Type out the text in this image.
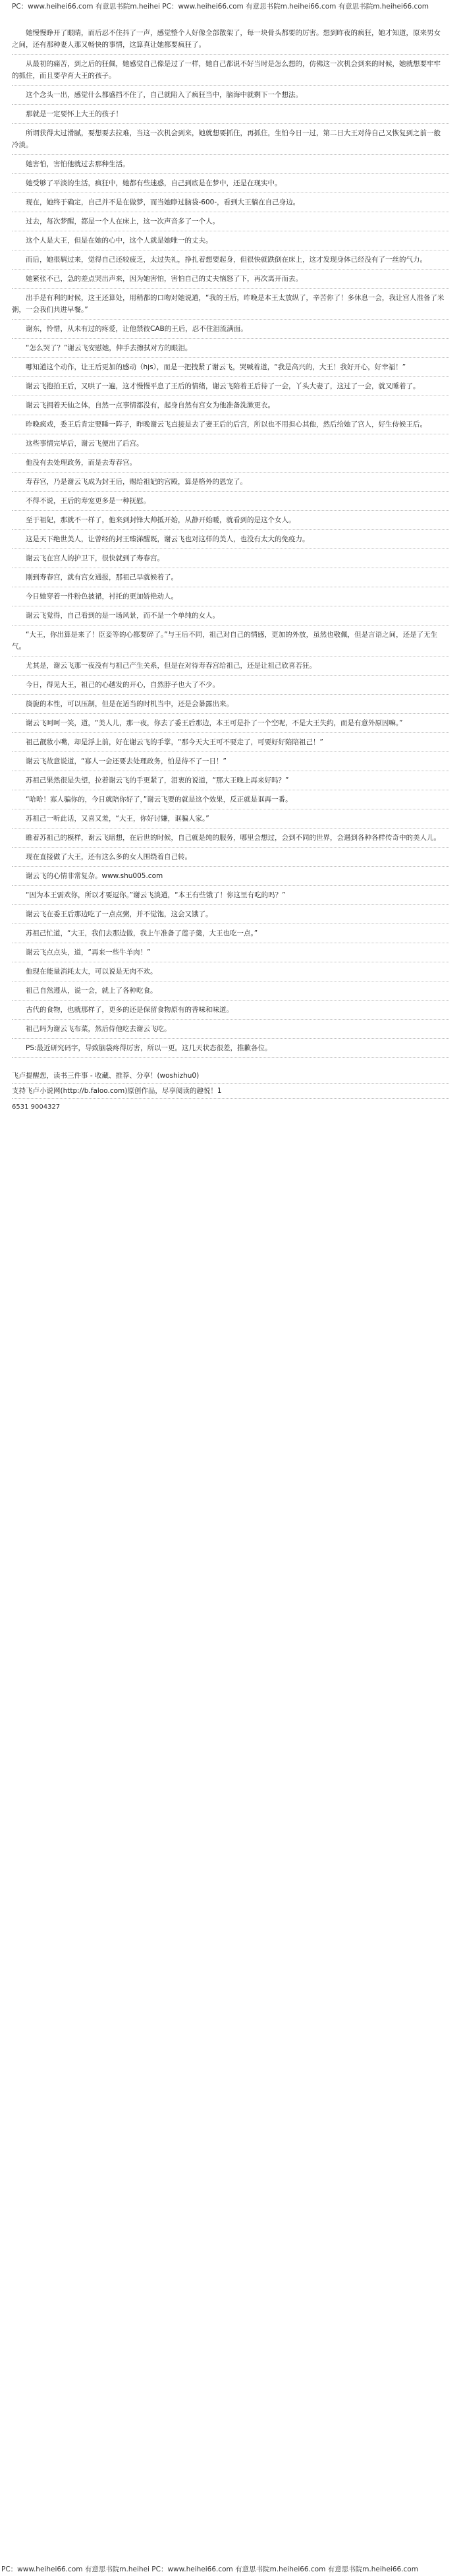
PC：www.heihei66.com 有意思书院m.heihei PC：www.heihei66.com 有意思书院m.heihei66.com 有意思书院m.heihei66.com
她慢慢睁开了眼睛，而后忍不住抖了一声，感觉整个人好像全部散架了，每一块骨头都要的厉害。想到昨夜的疯狂，她才知道，原来男女之间，还有那种妻人那又畅快的事情，这算真让她都要疯狂了。
从最初的痛苦，到之后的狂佩，她感觉自己像是过了一样，她自己都说不好当时是怎么想的，仿佛这一次机会到来的时候，她就想要牢牢的抓住，而且要孕育大王的孩子。
这个念头一出，感觉什么都盛挡不住了，自己就陷入了疯狂当中，脑海中就剩下一个想法。
那就是一定要怀上大王的孩子！
所谓获得太过滑腻，要想要去拉难，当这一次机会到来，她就想要抓住，再抓住，生怕今日一过，第二日大王对待自己又恢复到之前一般冷淡。
她害怕，害怕他就过去那种生活。
她受够了平淡的生活，疯狂中，她都有些迷惑，自己到底是在梦中，还是在现实中。
现在，她终于确定，自己并不是在做梦，而当她睁过脑袋-600-，看到大王躺在自己身边。
过去，每次梦醒，都是一个人在床上，这一次声音多了一个人。
这个人是大王，但是在她的心中，这个人就是她唯一的丈夫。
而后，她很羁过来，觉得自己还较疲乏，太过失礼，挣扎着想要起身，但很快就跌倒在床上，这才发现身体已经没有了一丝的气力。
她紧张不已，急的差点哭出声来，因为她害怕，害怕自己的丈夫恼怒了下，再次离开而去。
出手是有利的时候，这王还算处，用稍都的口吻对她说道，“我的王后，昨晚是本王太放纵了，辛苦你了！多休息一会，我让宫人准备了米粥，一会我们共进早餐。”
谢东，怜惜，从未有过的疼爱，让他禁彼CAB的王后，忍不住泪流满面。
“怎么哭了？”谢云飞安慰她，伸手去擦拭对方的眼泪。
哪知道这个动作，让王后更加的感动（hjs），而是一把拽紧了谢云飞，哭喊着道，“我是高兴的，大王！我好开心，好幸福！”
谢云飞抱拍王后，又哄了一遍，这才慢慢平息了王后的情绪，谢云飞陪着王后待了一会，丫头大妻了，这过了一会，就又睡着了。
谢云飞拥着天仙之体，自然一点事情都没有，起身自然有宫女为他准备洗漱更衣。
昨晚疯戏，委王后肯定要睡一阵子，昨晚谢云飞直接是去了妻王后的后宫，所以也不用担心其他，然后给她了宫人，好生侍候王后。
这些事情完毕后，谢云飞便出了后宫。
他没有去处理政务，而是去寿春宫。
寿春宫，乃是谢云飞成为封王后，赐给祖妃的宫殿，算是格外的恩宠了。
不得不说，王后的寿宠更多是一种抚慰。
至于祖妃，那就不一样了，他来到封锋大帅抵开始，从静开始暖，就看到的是这个女人。
这是天下绝世美人，让曾经的封王臻涕醒既，谢云飞也对这样的美人，也没有太大的免疫力。
谢云飞在宫人的护卫下，很快就到了寿春宫。
刚到寿春宫，就有宫女通报，那祖己早就候着了。
今日她穿着一件粉色披裙，衬托的更加娇艳动人。
谢云飞觉得，自己看到的是一场风景，而不是一个单纯的女人。
“大王，你出算是来了！臣妾等的心都要碎了。”与王后不同，祖己对自己的情感，更加的外放，虽然也敬佩，但是言语之间，还是了无生气。
尤其是，谢云飞那一夜没有与祖己产生关系，但是在对待寿春宫给祖己，还是让祖己欣喜若狂。
今日，得见大王，祖己的心越发的开心，自然脖子也大了不少。
旖旎的本性，可以压制，但是在适当的时机当中，还是会暴露出来。
谢云飞呵呵一笑，道，“美人儿，那一夜，你去了委王后那边，本王可是扑了一个空呢，不是大王失约，而是有意外原因嘛。”
祖己靓妝小嘴，却是浮上前，好在谢云飞的手掌，“那今天大王可不要走了，可要好好陪陪祖己！”
谢云飞故意说道，“寡人一会还要去处理政务，怕是待不了一日！”
苏祖己果然很是失望，拉着谢云飞的手更紧了，泪衷的说道，“那大王晚上再来好吗？”
“哈哈！寡人骗你的，今日就陪你好了，”谢云飞要的就是这个效果，反正就是诓再一番。
苏祖己一听此话，又喜又羞，“大王，你好讨嫌，诓骗人家。”
瞧着苏祖己的模样，谢云飞暗想，在后世的时候，自己就是纯的服务，哪里会想过，会到不同的世界，会遇到各种各样传奇中的美人儿。
现在直接做了大王，还有这么多的女人围绕着自己转。
谢云飞的心情非常复杂。www.shu005.com
“因为本王需欢你，所以才要逗你。”谢云飞淡道，“本王有些饿了！你这里有吃的吗？”
谢云飞在委王后那边吃了一点点粥，并不觉饱，这会又饿了。
苏祖己忙道，“大王，我们去那边做，我上午准备了莲子羹，大王也吃一点。”
谢云飞点点头，道，“再来一些牛羊肉！”
他现在能量消耗太大，可以说是无肉不欢。
祖己自然遵从，说一会，就上了各种吃食。
古代的食物，也就那样了，更多的还是保留食物原有的香味和味道。
祖己吗为谢云飞布菜，然后侍他吃去谢云飞吃。
PS:最近研究码字，导致脑袋疼得厉害，所以一更。这几天状态很差，推歉各位。
飞卢提醒您，读书三件事 - 收藏、推荐、分享！(woshizhu0)
支持飞卢小说网(http://b.faloo.com)原创作品，尽享阅读的趣悦！1
6531 9004327
PC：www.heihei66.com 有意思书院m.heihei PC：www.heihei66.com 有意思书院m.heihei66.com 有意思书院m.heihei66.com
